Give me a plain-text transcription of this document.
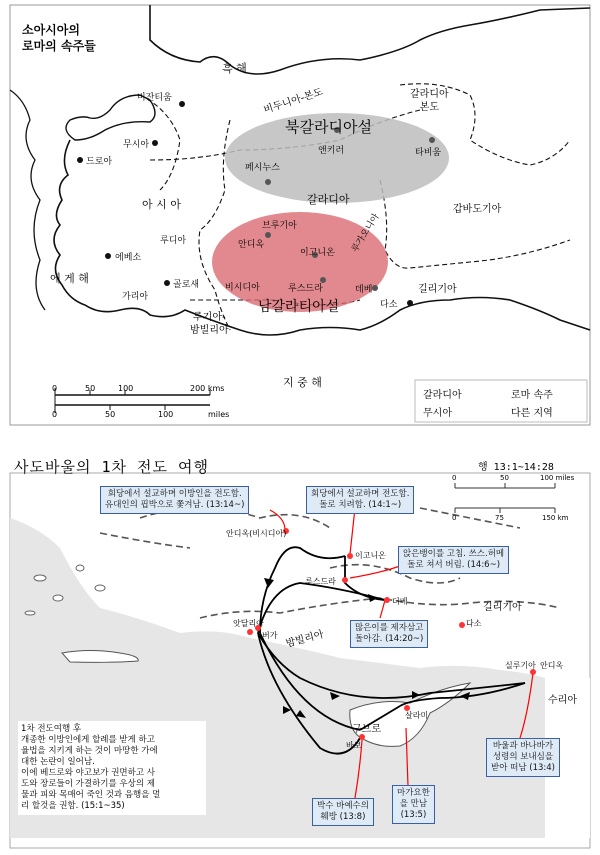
소아시아의
로마의 속주들
흑 해
비두니아-본도	갈라디아
본도
북갈라디아설
비잔티움
드로아
무시아
페시누스
앤키러	타비움
갈라디아
갑바도기아
아 시 아
루디아
에 게 해
에베소
골로새
가리아
브루기아
안디옥
이고니온 루가오니아
비시디아	루스드라	데베
남갈라티아설
길리기아
다소
루기아-
밤빌리아
지 중 해
0	50	100	200 kms
0	50	100	miles
갈라디아	로마 속주
무시아	다른 지역
사도바울의 1차 전도 여행	행 13:1~14:28
0	50	100 miles
0	75	150 km
안디옥(비시디아)
이고니온
루스드라
더베
길리기아
앗달리아
버가 밤빌리아
다소
실루기아 안디옥
수리아
구브로
살라미
바보
회당에서 설교하며 이방인을 전도함.
유대인의 핍박으로 쫓겨남. (13:14~)
회당에서 설교하며 전도함.
돌로 치려함. (14:1~)
앉은뱅이를 고침. 쓰스.허메
돌로 쳐서 버림. (14:6~)
많은이를 제자삼고
돌아감. (14:20~)
바울과 바나바가
성령의 보내심을
받아 떠남 (13:4)
마가요한
을 만남
(13:5)
박수 바예수의
훼방 (13:8)
1차 전도여행 후
개종한 이방인에게 할례를 받게 하고
율법을 지키게 하는 것이 마땅한 가에
대한 논란이 일어남.
이에 베드로와 야고보가 권면하고 사
도와 장로들이 가결하기를 우상의 제
물과 피와 목매어 죽인 것과 음행을 멀
리 할것을 권함. (15:1~35)
